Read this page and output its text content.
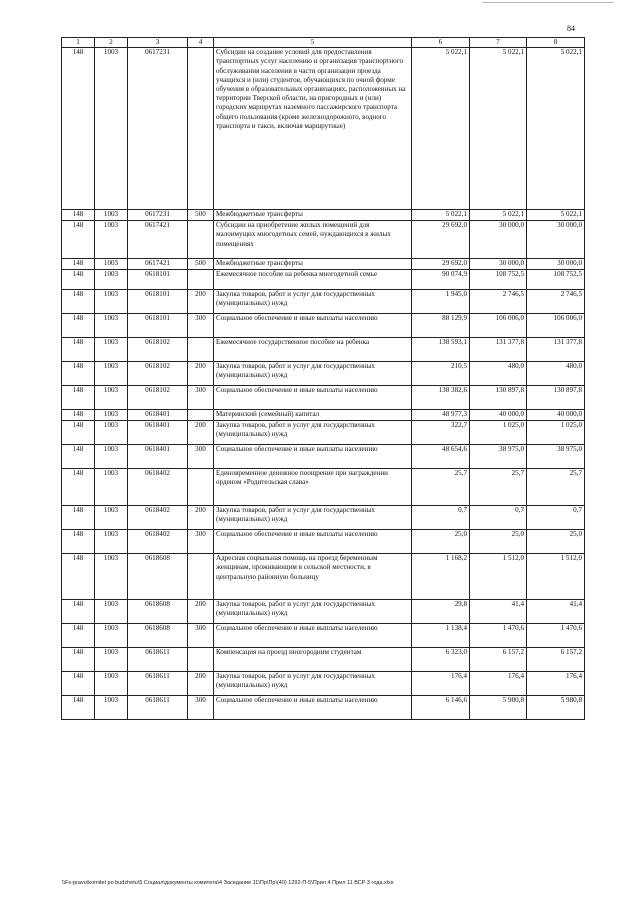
84
1	2	3	4	5	6	7	8
148	1003	0617231		Субсидии на создание условий для предоставления транспортных услуг населению и организация транспортного обслуживания населения в части организации проезда учащихся и (или) студентов, обучающихся по очной форме обучения в образовательных организациях, расположенных на территории Тверской области, на пригородных и (или) городских маршрутах наземного пассажирского транспорта общего пользования (кроме железнодорожного, водного транспорта и такси, включая маршрутные)	5 022,1	5 022,1	5 022,1
148	1003	0617231	500	Межбюджетные трансферты	5 022,1	5 022,1	5 022,1
148	1003	0617421		Субсидии на приобретение жилых помещений для малоимущих многодетных семей, нуждающихся в жилых помещениях	29 692,0	30 000,0	30 000,0
148	1003	0617421	500	Межбюджетные трансферты	29 692,0	30 000,0	30 000,0
148	1003	0618101		Ежемесячное пособие на ребенка многодетной семье	90 074,9	108 752,5	108 752,5
148	1003	0618101	200	Закупка товаров, работ и услуг для государственных (муниципальных) нужд	1 945,0	2 746,5	2 746,5
148	1003	0618101	300	Социальное обеспечение и иные выплаты населению	88 129,9	106 006,0	106 006,0
148	1003	0618102		Ежемесячное государственное пособие на ребенка	138 593,1	131 377,8	131 377,8
148	1003	0618102	200	Закупка товаров, работ и услуг для государственных (муниципальных) нужд	210,5	480,0	480,0
148	1003	0618102	300	Социальное обеспечение и иные выплаты населению	138 382,6	130 897,8	130 897,8
148	1003	0618401		Материнский (семейный) капитал	48 977,3	40 000,0	40 000,0
148	1003	0618401	200	Закупка товаров, работ и услуг для государственных (муниципальных) нужд	322,7	1 025,0	1 025,0
148	1003	0618401	300	Социальное обеспечение и иные выплаты населению	48 654,6	38 975,0	38 975,0
148	1003	0618402		Единовременное денежное поощрение при награждении орденом «Родительская слава»	25,7	25,7	25,7
148	1003	0618402	200	Закупка товаров, работ и услуг для государственных (муниципальных) нужд	0,7	0,7	0,7
148	1003	0618402	300	Социальное обеспечение и иные выплаты населению	25,0	25,0	25,0
148	1003	0618608		Адресная социальная помощь на проезд беременным женщинам, проживающим в сельской местности, в центральную районную больницу	1 168,2	1 512,0	1 512,0
148	1003	0618608	200	Закупка товаров, работ и услуг для государственных (муниципальных) нужд	29,8	41,4	41,4
148	1003	0618608	300	Социальное обеспечение и иные выплаты населению	1 138,4	1 470,6	1 470,6
148	1003	0618611		Компенсация на проезд иногородним студентам	6 323,0	6 157,2	6 157,2
148	1003	0618611	200	Закупка товаров, работ и услуг для государственных (муниципальных) нужд	176,4	176,4	176,4
148	1003	0618611	300	Социальное обеспечение и иные выплаты населению	6 146,6	5 980,8	5 980,8
\\Fs-pravo\komitet po budzhetu\5 Социал\документы комитета\4 Заседание 11\Пр\Пр\(40) 1292-П-5\Прил 4 Прил 11 ВСР 3 года.xlsx
